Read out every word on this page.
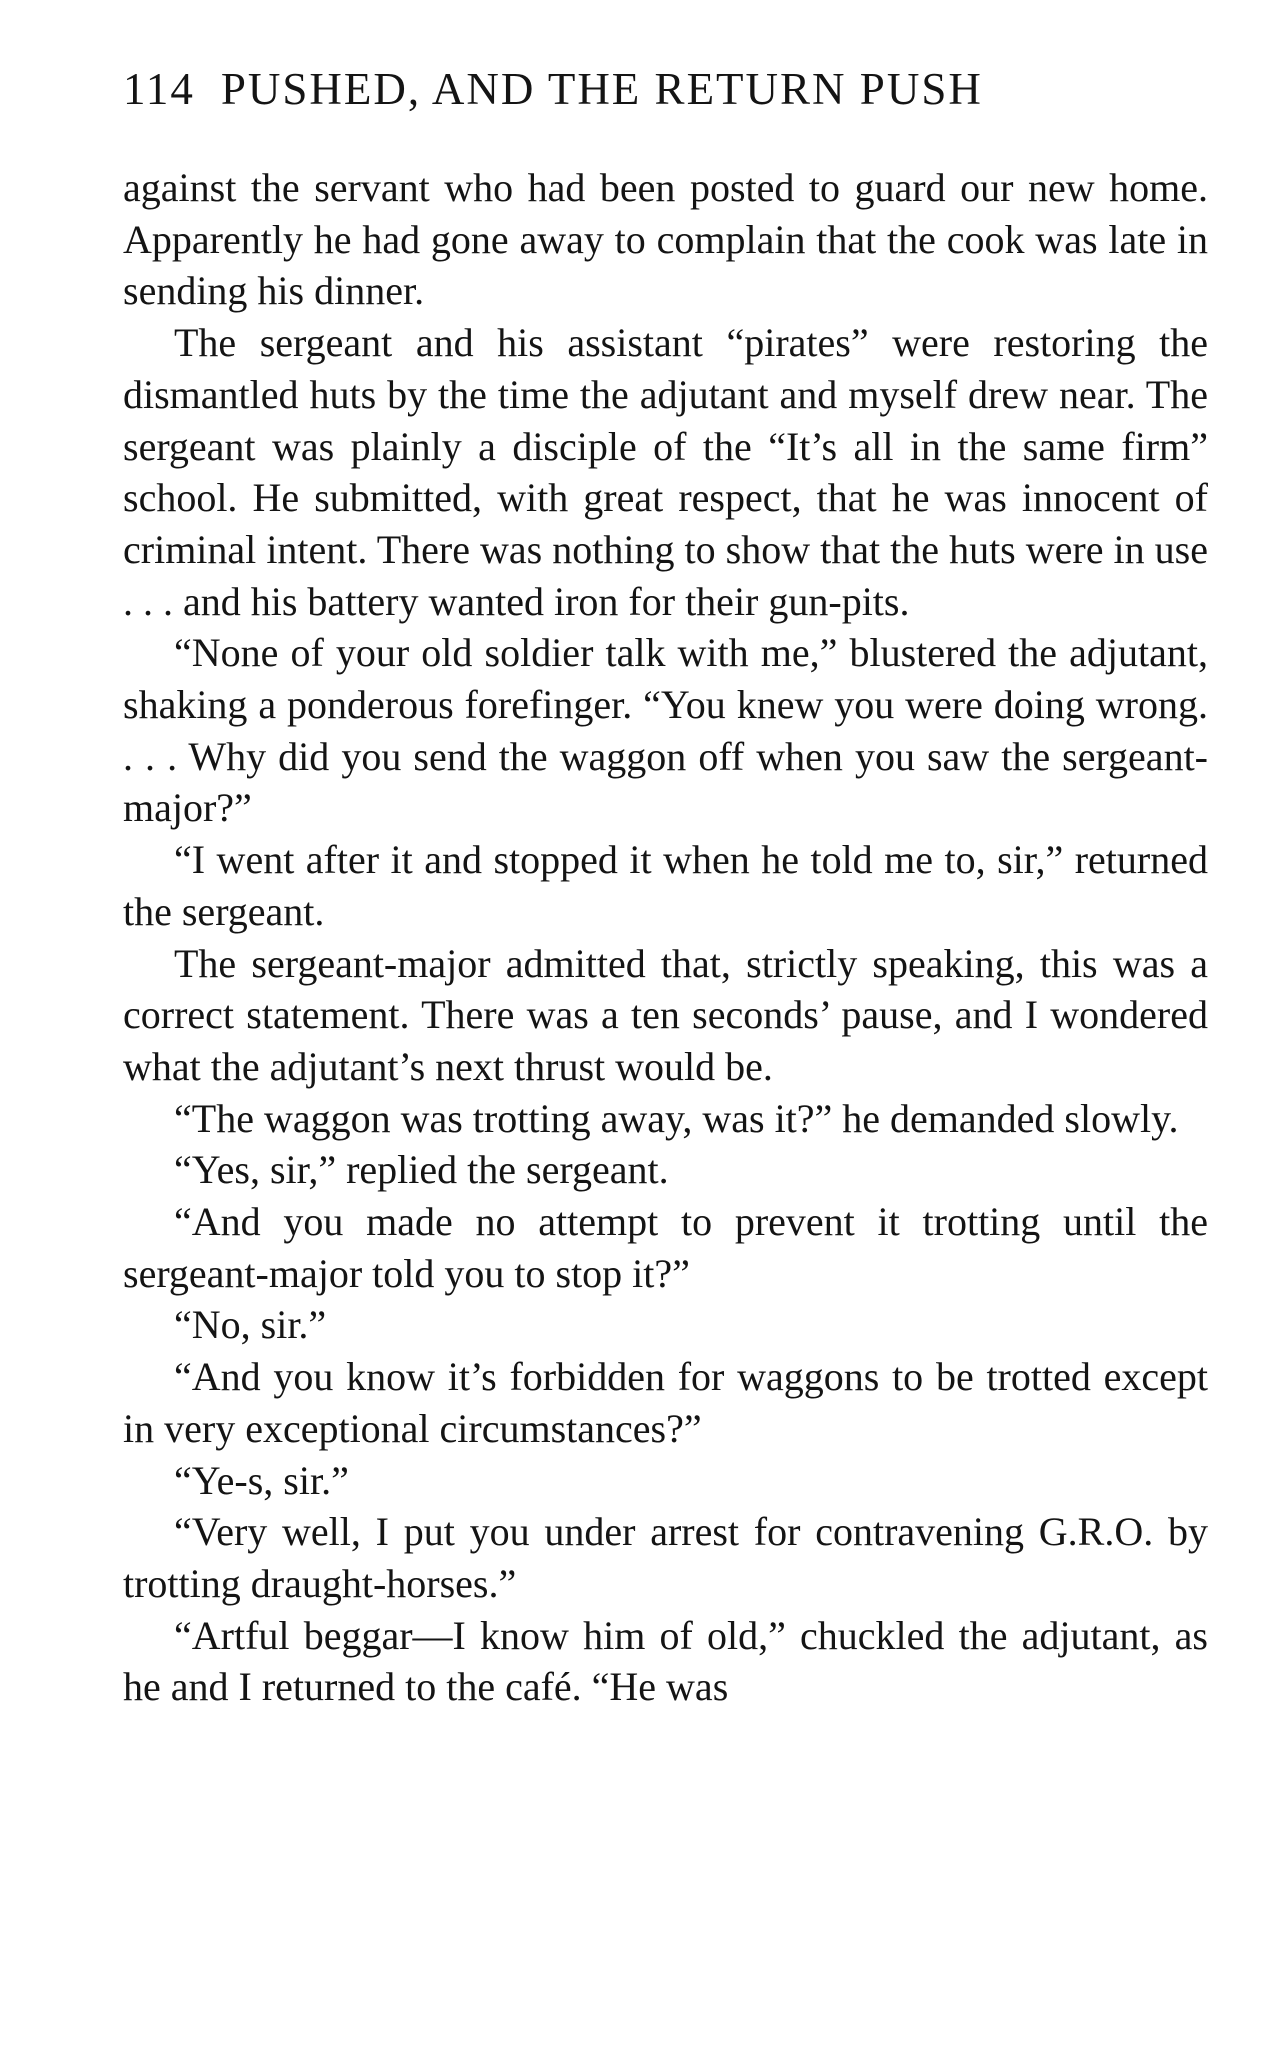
114 PUSHED, AND THE RETURN PUSH

against the servant who had been posted to guard our new home. Apparently he had gone away to complain that the cook was late in sending his dinner.

The sergeant and his assistant “pirates” were restoring the dismantled huts by the time the adjutant and myself drew near. The sergeant was plainly a disciple of the “It’s all in the same firm” school. He submitted, with great respect, that he was innocent of criminal intent. There was nothing to show that the huts were in use . . . and his battery wanted iron for their gun-pits.

“None of your old soldier talk with me,” blustered the adjutant, shaking a ponderous forefinger. “You knew you were doing wrong. . . . Why did you send the waggon off when you saw the sergeant-major?”

“I went after it and stopped it when he told me to, sir,” returned the sergeant.

The sergeant-major admitted that, strictly speaking, this was a correct statement. There was a ten seconds’ pause, and I wondered what the adjutant’s next thrust would be.

“The waggon was trotting away, was it?” he demanded slowly.

“Yes, sir,” replied the sergeant.

“And you made no attempt to prevent it trotting until the sergeant-major told you to stop it?”

“No, sir.”

“And you know it’s forbidden for waggons to be trotted except in very exceptional circumstances?”

“Ye-s, sir.”

“Very well, I put you under arrest for contravening G.R.O. by trotting draught-horses.”

“Artful beggar—I know him of old,” chuckled the adjutant, as he and I returned to the café. “He was
